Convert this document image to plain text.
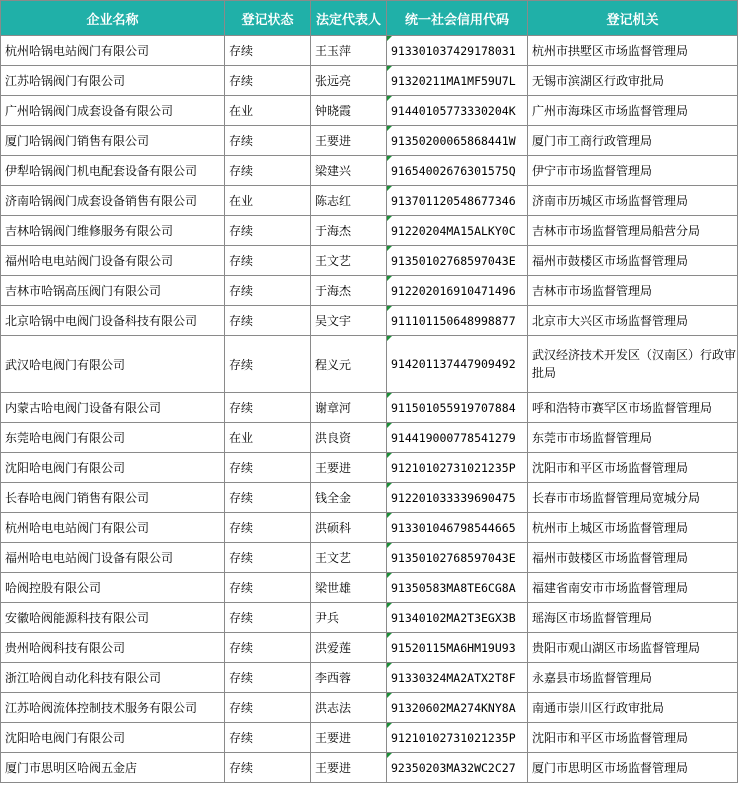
企业名称	登记状态	法定代表人	统一社会信用代码	登记机关
杭州哈锅电站阀门有限公司	存续	王玉萍	913301037429178031	杭州市拱墅区市场监督管理局
江苏哈锅阀门有限公司	存续	张远亮	91320211MA1MF59U7L	无锡市滨湖区行政审批局
广州哈锅阀门成套设备有限公司	在业	钟晓霞	91440105773330204K	广州市海珠区市场监督管理局
厦门哈锅阀门销售有限公司	存续	王要进	91350200065868441W	厦门市工商行政管理局
伊犁哈锅阀门机电配套设备有限公司	存续	梁建兴	91654002676301575Q	伊宁市市场监督管理局
济南哈锅阀门成套设备销售有限公司	在业	陈志红	913701120548677346	济南市历城区市场监督管理局
吉林哈锅阀门维修服务有限公司	存续	于海杰	91220204MA15ALKY0C	吉林市市场监督管理局船营分局
福州哈电电站阀门设备有限公司	存续	王文艺	91350102768597043E	福州市鼓楼区市场监督管理局
吉林市哈锅高压阀门有限公司	存续	于海杰	912202016910471496	吉林市市场监督管理局
北京哈锅中电阀门设备科技有限公司	存续	吴文宇	911101150648998877	北京市大兴区市场监督管理局
武汉哈电阀门有限公司	存续	程义元	914201137447909492	武汉经济技术开发区（汉南区）行政审批局
内蒙古哈电阀门设备有限公司	存续	谢章河	911501055919707884	呼和浩特市赛罕区市场监督管理局
东莞哈电阀门有限公司	在业	洪良资	914419000778541279	东莞市市场监督管理局
沈阳哈电阀门有限公司	存续	王要进	91210102731021235P	沈阳市和平区市场监督管理局
长春哈电阀门销售有限公司	存续	钱全金	912201033339690475	长春市市场监督管理局宽城分局
杭州哈电电站阀门有限公司	存续	洪硕科	913301046798544665	杭州市上城区市场监督管理局
福州哈电电站阀门设备有限公司	存续	王文艺	91350102768597043E	福州市鼓楼区市场监督管理局
哈阀控股有限公司	存续	梁世雄	91350583MA8TE6CG8A	福建省南安市市场监督管理局
安徽哈阀能源科技有限公司	存续	尹兵	91340102MA2T3EGX3B	瑶海区市场监督管理局
贵州哈阀科技有限公司	存续	洪爱莲	91520115MA6HM19U93	贵阳市观山湖区市场监督管理局
浙江哈阀自动化科技有限公司	存续	李西蓉	91330324MA2ATX2T8F	永嘉县市场监督管理局
江苏哈阀流体控制技术服务有限公司	存续	洪志法	91320602MA274KNY8A	南通市崇川区行政审批局
沈阳哈电阀门有限公司	存续	王要进	91210102731021235P	沈阳市和平区市场监督管理局
厦门市思明区哈阀五金店	存续	王要进	92350203MA32WC2C27	厦门市思明区市场监督管理局
